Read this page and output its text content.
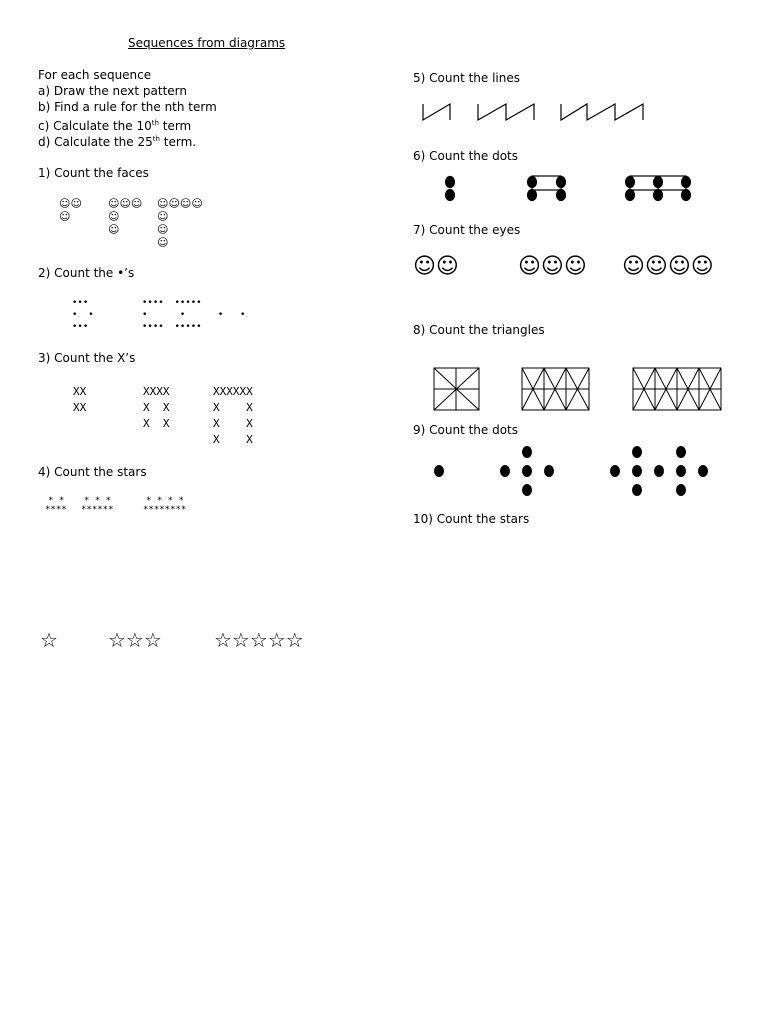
Sequences from diagrams
For each sequence
a) Draw the next pattern
b) Find a rule for the nth term
c) Calculate the 10th term
d) Calculate the 25th term.
1) Count the faces
2) Count the •’s
3) Count the X’s
4) Count the stars
5) Count the lines
6) Count the dots
7) Count the eyes
8) Count the triangles
9) Count the dots
10) Count the stars
☺☺
☺
☺☺☺
☺
☺
☺☺☺☺
☺
☺
☺
•••
•  •
•••
••••  •••••
•      •      •
••••  •••••
•
XX
XX
XXXX
X  X
X  X
XXXXXX
X    X
X    X
X    X
* *
****
* * *
******
* * * *
********
☺☺	☺☺☺ ☺☺☺☺
☆	☆☆☆	☆☆☆☆☆
